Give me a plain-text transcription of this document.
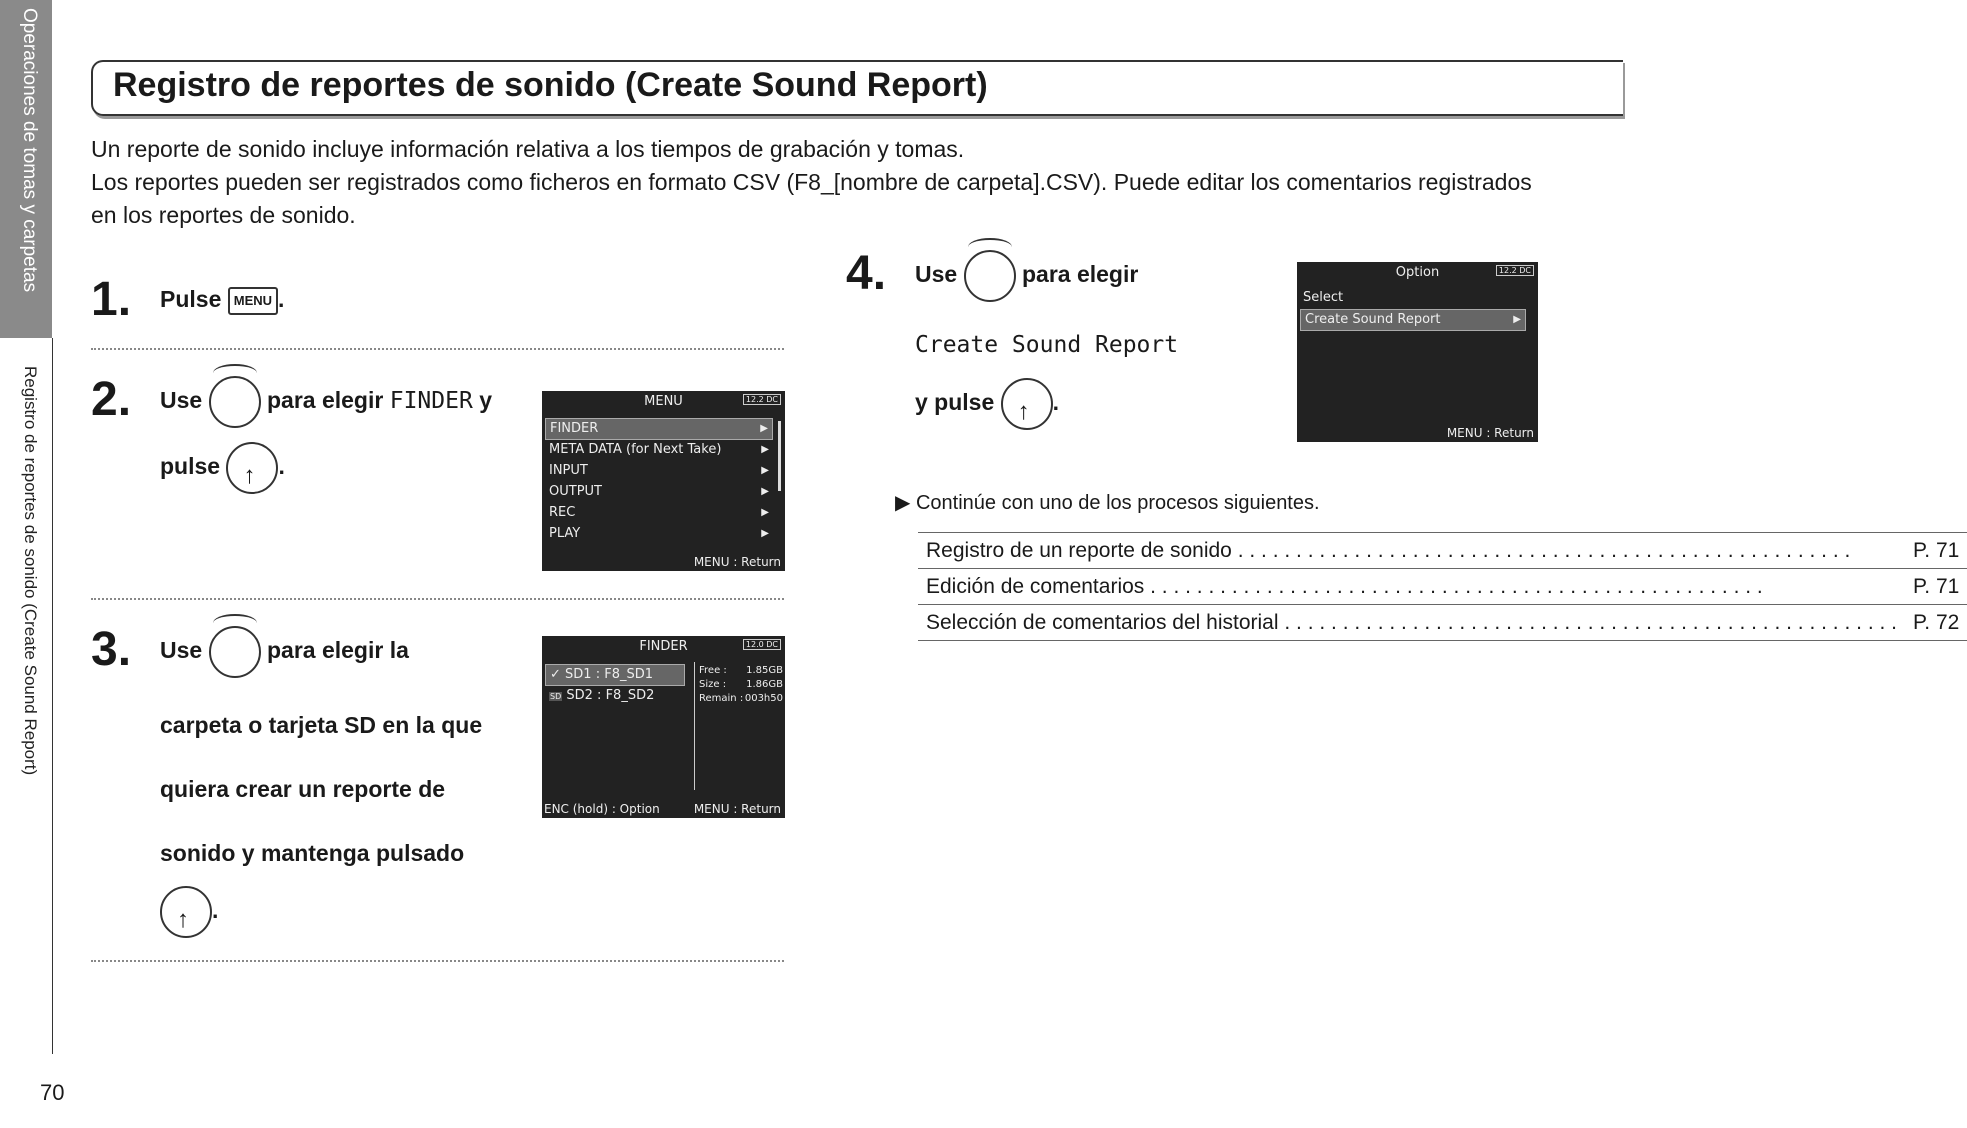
Operaciones de tomas y carpetas
Registro de reportes de sonido (Create Sound Report)
70
Registro de reportes de sonido (Create Sound Report)

Un reporte de sonido incluye información relativa a los tiempos de grabación y tomas.

Los reportes pueden ser registrados como ficheros en formato CSV (F8_[nombre de carpeta].CSV). Puede editar los comentarios registrados en los reportes de sonido.

1. Pulse MENU .
2. Use	para elegir FINDER y
pulse ↑	.
MENU	12.2 DC
FINDER	▶
META DATA (for Next Take)	▶
INPUT	▶
OUTPUT	▶
REC	▶
PLAY	▶
MENU : Return
3. Use	para elegir la
carpeta o tarjeta SD en la que
quiera crear un reporte de
sonido y mantenga pulsado
↑.
FINDER	12.0 DC
✓ SD1 : F8_SD1
SD SD2 : F8_SD2
Free : 1.85GB
Size : 1.86GB
Remain : 003h50
ENC (hold) : Option	MENU : Return
4. Use	para elegir
Create Sound Report
y pulse ↑	.
Option	12.2 DC
Select
Create Sound Report	▶
MENU : Return
▶ Continúe con uno de los procesos siguientes.
Registro de un reporte de sonido . . .	P. 71
Edición de comentarios . . .	P. 71
Selección de comentarios del historial . . .	P. 72
